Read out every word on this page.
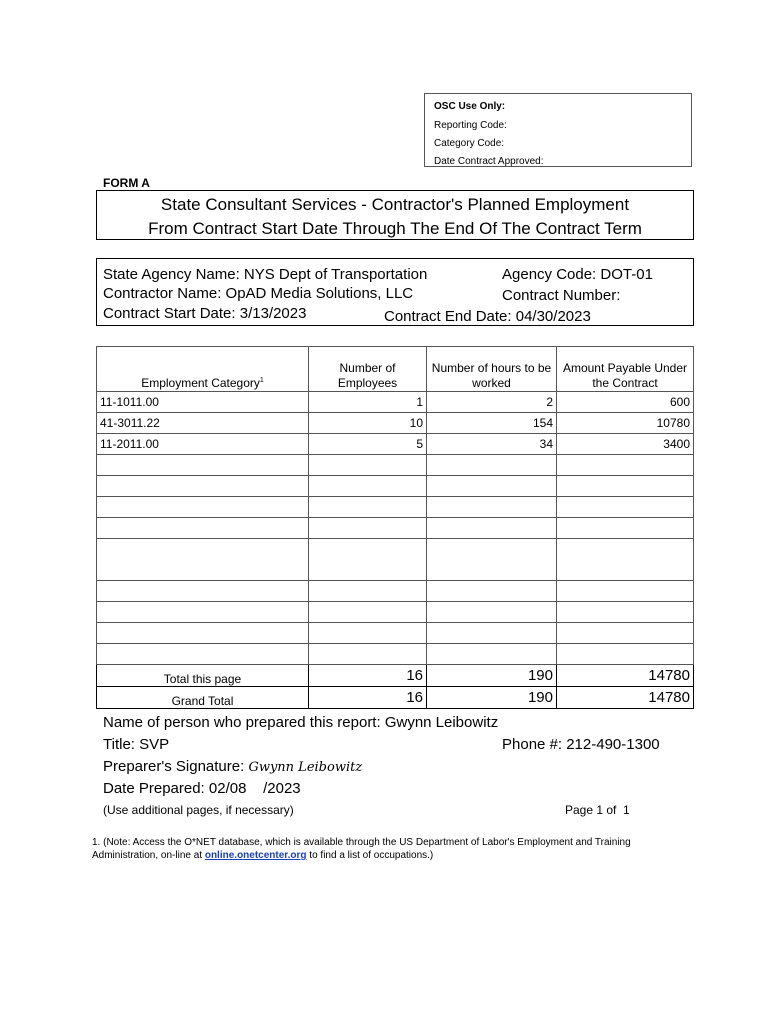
OSC Use Only:
Reporting Code:
Category Code:
Date Contract Approved:
FORM A
State Consultant Services - Contractor's Planned Employment
From Contract Start Date Through The End Of The Contract Term
State Agency Name: NYS Dept of Transportation	Agency Code: DOT-01
Contractor Name: OpAD Media Solutions, LLC	Contract Number:
Contract Start Date: 3/13/2023	Contract End Date: 04/30/2023
Employment Category$^1$	Number of Employees	Number of hours to be worked	Amount Payable Under the Contract
11-1011.00	1	2	600
41-3011.22	10	154	10780
11-2011.00	5	34	3400

Total this page	16	190	14780
Grand Total	16	190	14780
Name of person who prepared this report: Gwynn Leibowitz
Title: SVP	Phone #: 212-490-1300
Preparer's Signature: Gwynn Leibowitz
Date Prepared: 02/08    /2023
(Use additional pages, if necessary)	Page 1 of  1
1. (Note: Access the O*NET database, which is available through the US Department of Labor's Employment and Training Administration, on-line at online.onetcenter.org to find a list of occupations.)
